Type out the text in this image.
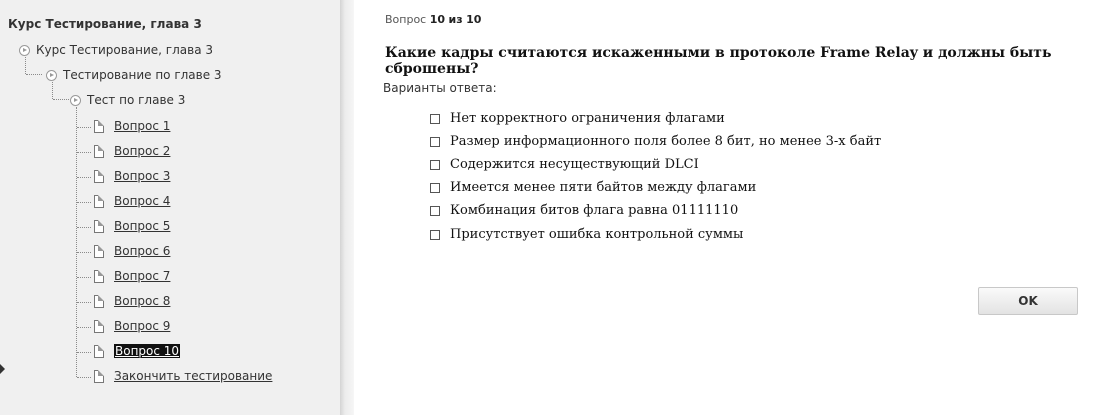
Курс Тестирование, глава 3
Курс Тестирование, глава 3
Тестирование по главе 3
Тест по главе 3
Вопрос 1
Вопрос 2
Вопрос 3
Вопрос 4
Вопрос 5
Вопрос 6
Вопрос 7
Вопрос 8
Вопрос 9
Вопрос 10
Закончить тестирование
Вопрос 10 из 10
Какие кадры считаются искаженными в протоколе Frame Relay и должны быть сброшены?
Варианты ответа:
Нет корректного ограничения флагами
Размер информационного поля более 8 бит, но менее 3-х байт
Содержится несуществующий DLCI
Имеется менее пяти байтов между флагами
Комбинация битов флага равна 01111110
Присутствует ошибка контрольной суммы
OK
